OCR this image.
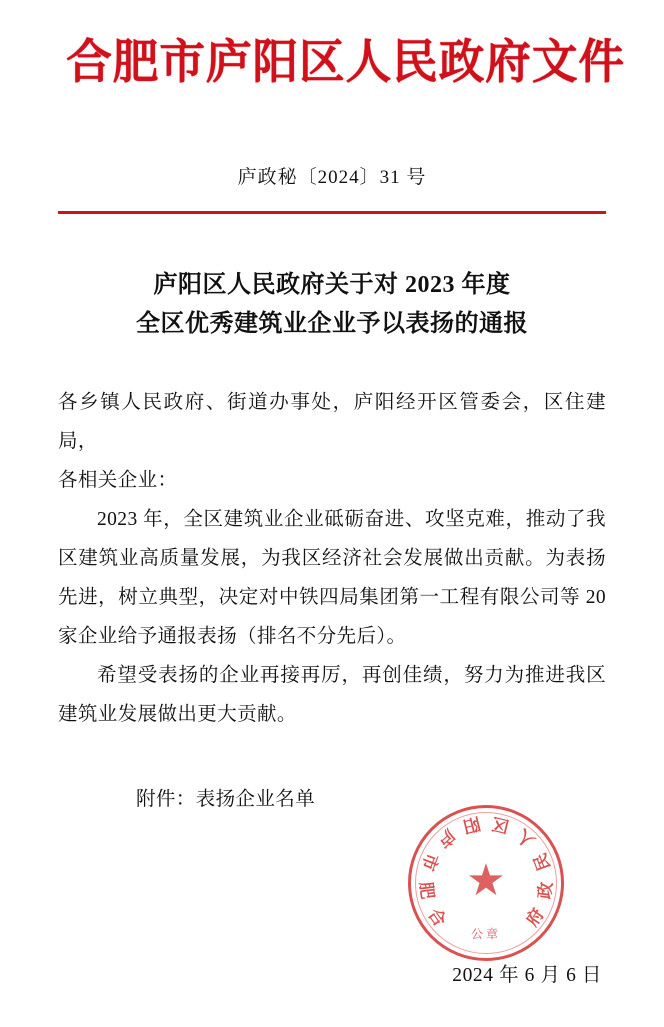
合肥市庐阳区人民政府文件
庐政秘〔2024〕31 号
庐阳区人民政府关于对 2023 年度
全区优秀建筑业企业予以表扬的通报

各乡镇人民政府、街道办事处，庐阳经开区管委会，区住建局，

各相关企业：

2023 年，全区建筑业企业砥砺奋进、攻坚克难，推动了我区建筑业高质量发展，为我区经济社会发展做出贡献。为表扬先进，树立典型，决定对中铁四局集团第一工程有限公司等 20 家企业给予通报表扬（排名不分先后）。

希望受表扬的企业再接再厉，再创佳绩，努力为推进我区建筑业发展做出更大贡献。

附件：表扬企业名单
合
肥
市
庐
阳 区
人
民
政
府
★
公章
2024 年 6 月 6 日
